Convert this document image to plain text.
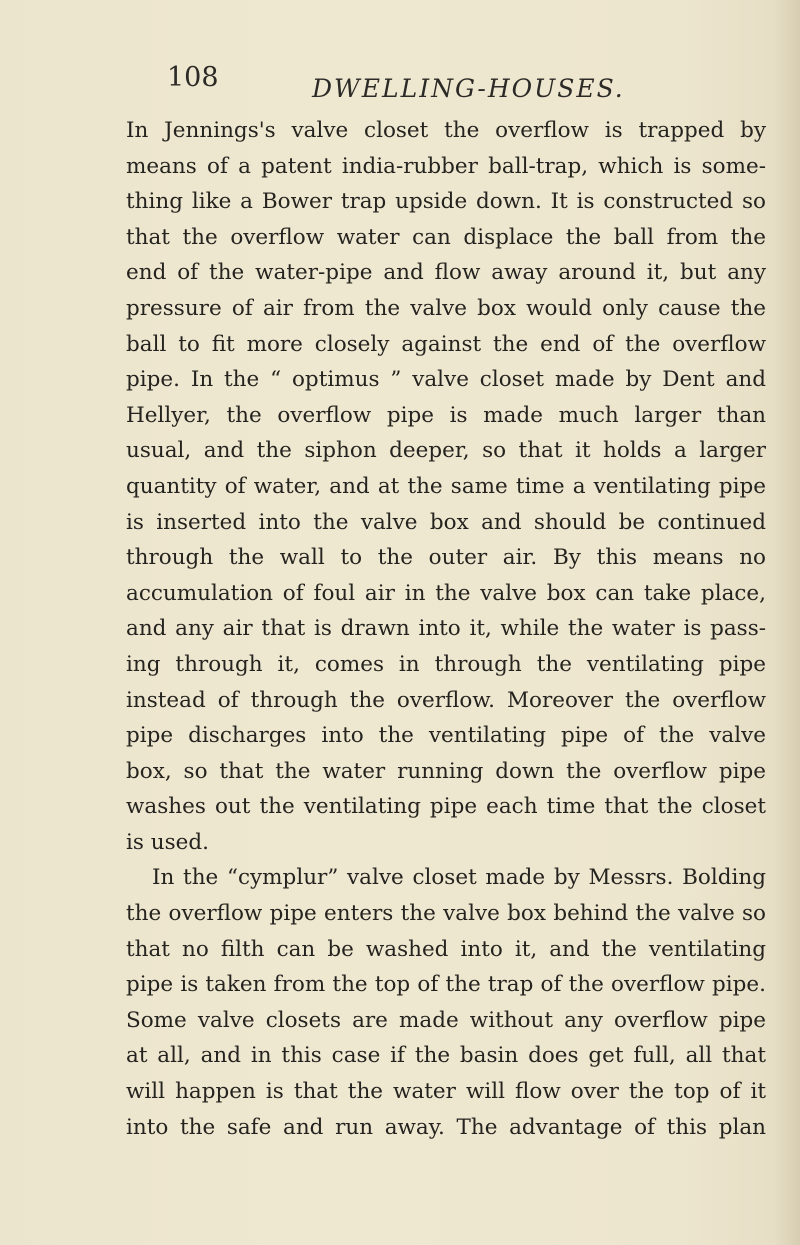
108	DWELLING-HOUSES.
In Jennings's valve closet the overflow is trapped by
means of a patent india-rubber ball-trap, which is some-
thing like a Bower trap upside down. It is constructed so
that the overflow water can displace the ball from the
end of the water-pipe and flow away around it, but any
pressure of air from the valve box would only cause the
ball to fit more closely against the end of the overflow
pipe. In the “ optimus ” valve closet made by Dent and
Hellyer, the overflow pipe is made much larger than
usual, and the siphon deeper, so that it holds a larger
quantity of water, and at the same time a ventilating pipe
is inserted into the valve box and should be continued
through the wall to the outer air. By this means no
accumulation of foul air in the valve box can take place,
and any air that is drawn into it, while the water is pass-
ing through it, comes in through the ventilating pipe
instead of through the overflow. Moreover the overflow
pipe discharges into the ventilating pipe of the valve
box, so that the water running down the overflow pipe
washes out the ventilating pipe each time that the closet
is used.
In the “cymplur” valve closet made by Messrs. Bolding
the overflow pipe enters the valve box behind the valve so
that no filth can be washed into it, and the ventilating
pipe is taken from the top of the trap of the overflow pipe.
Some valve closets are made without any overflow pipe
at all, and in this case if the basin does get full, all that
will happen is that the water will flow over the top of it
into the safe and run away. The advantage of this plan
